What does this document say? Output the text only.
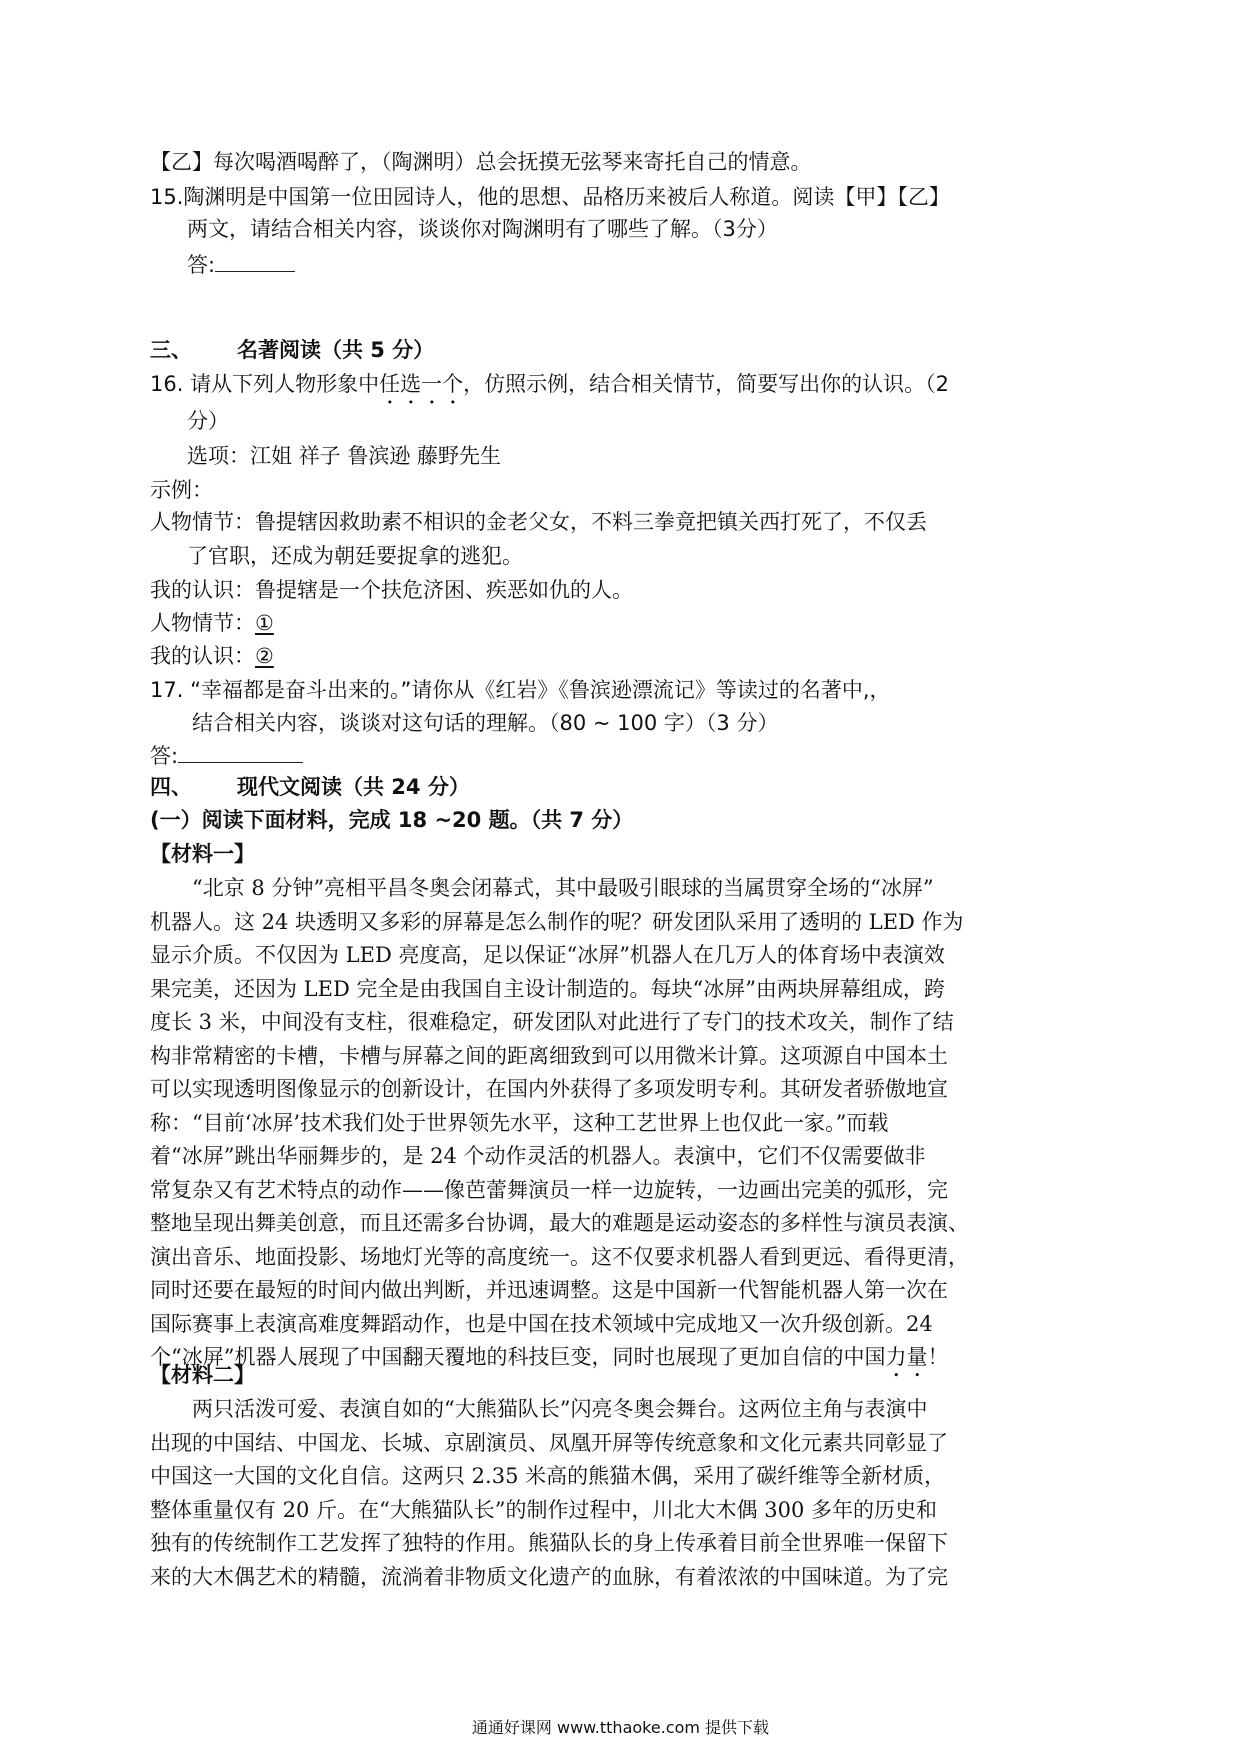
【乙】每次喝酒喝醉了，（陶渊明）总会抚摸无弦琴来寄托自己的情意。
15.陶渊明是中国第一位田园诗人，他的思想、品格历来被后人称道。阅读【甲】【乙】
两文，请结合相关内容，谈谈你对陶渊明有了哪些了解。（3分）
答:
三、 名著阅读（共 5 分）
16. 请从下列人物形象中任选一个，仿照示例，结合相关情节，简要写出你的认识。（2
分）
选项：江姐 祥子 鲁滨逊 藤野先生
示例：
人物情节：鲁提辖因救助素不相识的金老父女，不料三拳竟把镇关西打死了，不仅丢
了官职，还成为朝廷要捉拿的逃犯。
我的认识：鲁提辖是一个扶危济困、疾恶如仇的人。
人物情节：①
我的认识：②
17. “幸福都是奋斗出来的。”请你从《红岩》《鲁滨逊漂流记》等读过的名著中,，
结合相关内容，谈谈对这句话的理解。（80 ~ 100 字）（3 分）
答:
四、 现代文阅读（共 24 分）
(一）阅读下面材料，完成 18 ~20 题。（共 7 分）
【材料一】
　“北京 8 分钟”亮相平昌冬奥会闭幕式，其中最吸引眼球的当属贯穿全场的“冰屏”
机器人。这 24 块透明又多彩的屏幕是怎么制作的呢？研发团队采用了透明的 LED 作为
显示介质。不仅因为 LED 亮度高，足以保证“冰屏”机器人在几万人的体育场中表演效
果完美，还因为 LED 完全是由我国自主设计制造的。每块“冰屏”由两块屏幕组成，跨
度长 3 米，中间没有支柱，很难稳定，研发团队对此进行了专门的技术攻关，制作了结
构非常精密的卡槽，卡槽与屏幕之间的距离细致到可以用微米计算。这项源自中国本土
可以实现透明图像显示的创新设计，在国内外获得了多项发明专利。其研发者骄傲地宣
称：“目前‘冰屏’技术我们处于世界领先水平，这种工艺世界上也仅此一家。”而载
着“冰屏”跳出华丽舞步的，是 24 个动作灵活的机器人。表演中，它们不仅需要做非
常复杂又有艺术特点的动作——像芭蕾舞演员一样一边旋转，一边画出完美的弧形，完
整地呈现出舞美创意，而且还需多台协调，最大的难题是运动姿态的多样性与演员表演、
演出音乐、地面投影、场地灯光等的高度统一。这不仅要求机器人看到更远、看得更清，
同时还要在最短的时间内做出判断，并迅速调整。这是中国新一代智能机器人第一次在
国际赛事上表演高难度舞蹈动作，也是中国在技术领域中完成地又一次升级创新。24
个“冰屏”机器人展现了中国翻天覆地的科技巨变，同时也展现了更加自信的中国力量！
【材料二】
　两只活泼可爱、表演自如的“大熊猫队长”闪亮冬奥会舞台。这两位主角与表演中
出现的中国结、中国龙、长城、京剧演员、凤凰开屏等传统意象和文化元素共同彰显了
中国这一大国的文化自信。这两只 2.35 米高的熊猫木偶，采用了碳纤维等全新材质，
整体重量仅有 20 斤。在“大熊猫队长”的制作过程中，川北大木偶 300 多年的历史和
独有的传统制作工艺发挥了独特的作用。熊猫队长的身上传承着目前全世界唯一保留下
来的大木偶艺术的精髓，流淌着非物质文化遗产的血脉，有着浓浓的中国味道。为了完
通通好课网 www.tthaoke.com 提供下载
